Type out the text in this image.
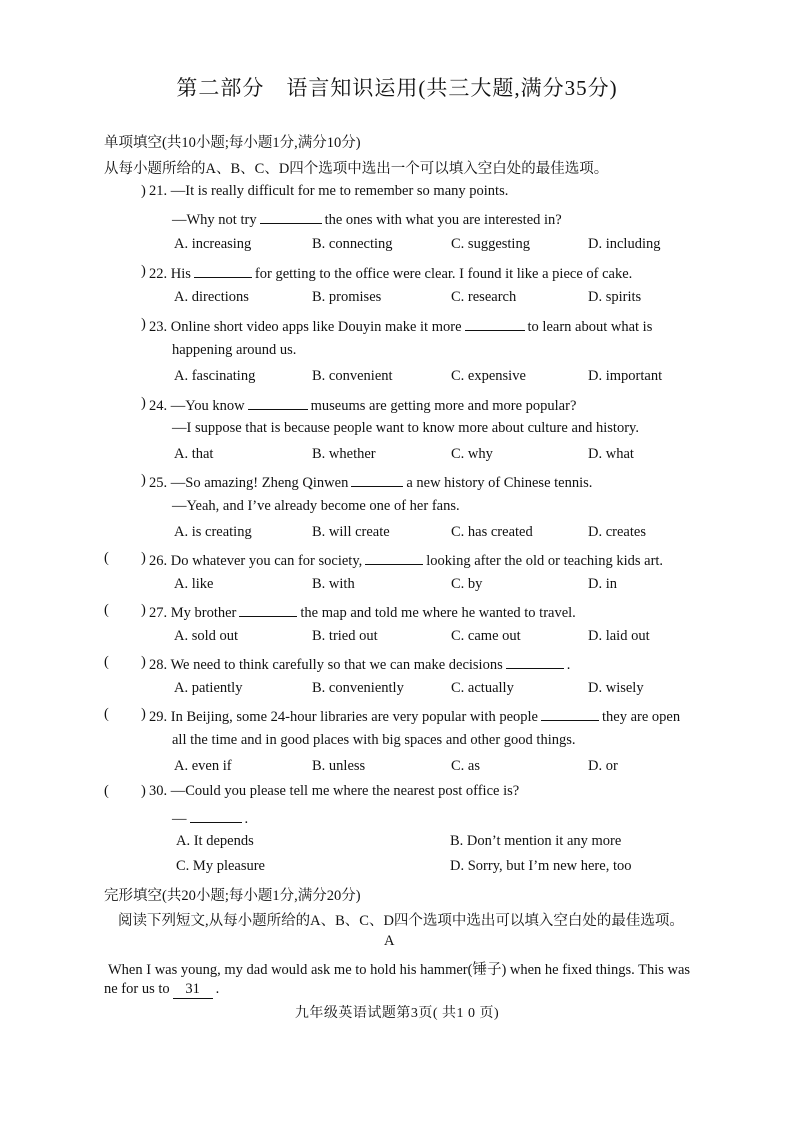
第二部分　语言知识运用(共三大题,满分35分)
单项填空(共10小题;每小题1分,满分10分)
从每小题所给的A、B、C、D四个选项中选出一个可以填入空白处的最佳选项。
) 21. —It is really difficult for me to remember so many points.
—Why not try	the ones with what you are interested in?
A. increasing	B. connecting	C. suggesting	D. including
) 22. His	for getting to the office were clear. I found it like a piece of cake.
A. directions	B. promises	C. research	D. spirits
) 23. Online short video apps like Douyin make it more	to learn about what is
happening around us.
A. fascinating	B. convenient	C. expensive	D. important
) 24. —You know	museums are getting more and more popular?
—I suppose that is because people want to know more about culture and history.
A. that	B. whether	C. why	D. what
) 25. —So amazing! Zheng Qinwen	a new history of Chinese tennis.
—Yeah, and I’ve already become one of her fans.
A. is creating	B. will create	C. has created	D. creates
( ) 26. Do whatever you can for society,	looking after the old or teaching kids art.
A. like	B. with	C. by	D. in
( ) 27. My brother	the map and told me where he wanted to travel.
A. sold out	B. tried out	C. came out	D. laid out
( ) 28. We need to think carefully so that we can make decisions	.
A. patiently	B. conveniently	C. actually	D. wisely
( ) 29. In Beijing, some 24-hour libraries are very popular with people	they are open
all the time and in good places with big spaces and other good things.
A. even if	B. unless	C. as	D. or
( ) 30. —Could you please tell me where the nearest post office is?
—	.
A. It depends	B. Don’t mention it any more
C. My pleasure	D. Sorry, but I’m new here, too
完形填空(共20小题;每小题1分,满分20分)
阅读下列短文,从每小题所给的A、B、C、D四个选项中选出可以填入空白处的最佳选项。
A
When I was young, my dad would ask me to hold his hammer(锤子) when he fixed things. This was
ne for us to 31 .
九年级英语试题第3页( 共1 0 页)
